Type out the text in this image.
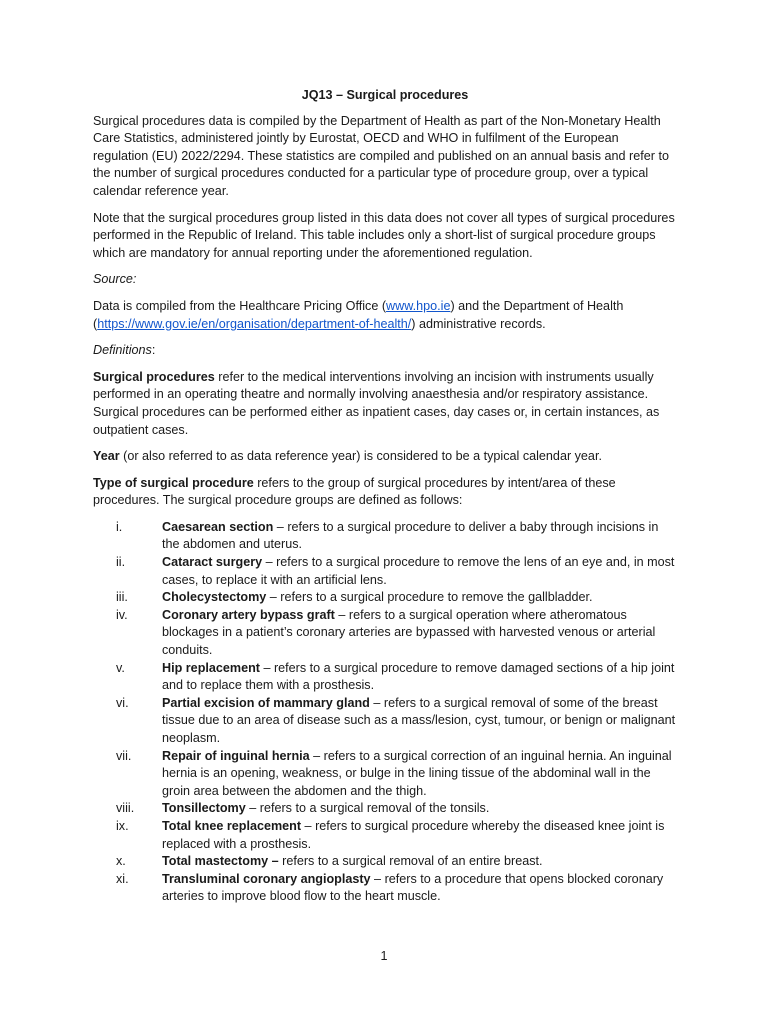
JQ13 – Surgical procedures

Surgical procedures data is compiled by the Department of Health as part of the Non-Monetary Health Care Statistics, administered jointly by Eurostat, OECD and WHO in fulfilment of the European regulation (EU) 2022/2294. These statistics are compiled and published on an annual basis and refer to the number of surgical procedures conducted for a particular type of procedure group, over a typical calendar reference year.

Note that the surgical procedures group listed in this data does not cover all types of surgical procedures performed in the Republic of Ireland. This table includes only a short-list of surgical procedure groups which are mandatory for annual reporting under the aforementioned regulation.

Source:

Data is compiled from the Healthcare Pricing Office (www.hpo.ie) and the Department of Health (https://www.gov.ie/en/organisation/department-of-health/) administrative records.

Definitions:

Surgical procedures refer to the medical interventions involving an incision with instruments usually performed in an operating theatre and normally involving anaesthesia and/or respiratory assistance. Surgical procedures can be performed either as inpatient cases, day cases or, in certain instances, as outpatient cases.

Year (or also referred to as data reference year) is considered to be a typical calendar year.

Type of surgical procedure refers to the group of surgical procedures by intent/area of these procedures. The surgical procedure groups are defined as follows:

i.	Caesarean section – refers to a surgical procedure to deliver a baby through incisions in the abdomen and uterus.
ii.	Cataract surgery – refers to a surgical procedure to remove the lens of an eye and, in most cases, to replace it with an artificial lens.
iii.	Cholecystectomy – refers to a surgical procedure to remove the gallbladder.
iv.	Coronary artery bypass graft – refers to a surgical operation where atheromatous blockages in a patient’s coronary arteries are bypassed with harvested venous or arterial conduits.
v.	Hip replacement – refers to a surgical procedure to remove damaged sections of a hip joint and to replace them with a prosthesis.
vi.	Partial excision of mammary gland – refers to a surgical removal of some of the breast tissue due to an area of disease such as a mass/lesion, cyst, tumour, or benign or malignant neoplasm.
vii.	Repair of inguinal hernia – refers to a surgical correction of an inguinal hernia. An inguinal hernia is an opening, weakness, or bulge in the lining tissue of the abdominal wall in the groin area between the abdomen and the thigh.
viii.	Tonsillectomy – refers to a surgical removal of the tonsils.
ix.	Total knee replacement – refers to surgical procedure whereby the diseased knee joint is replaced with a prosthesis.
x.	Total mastectomy – refers to a surgical removal of an entire breast.
xi.	Transluminal coronary angioplasty – refers to a procedure that opens blocked coronary arteries to improve blood flow to the heart muscle.
1
